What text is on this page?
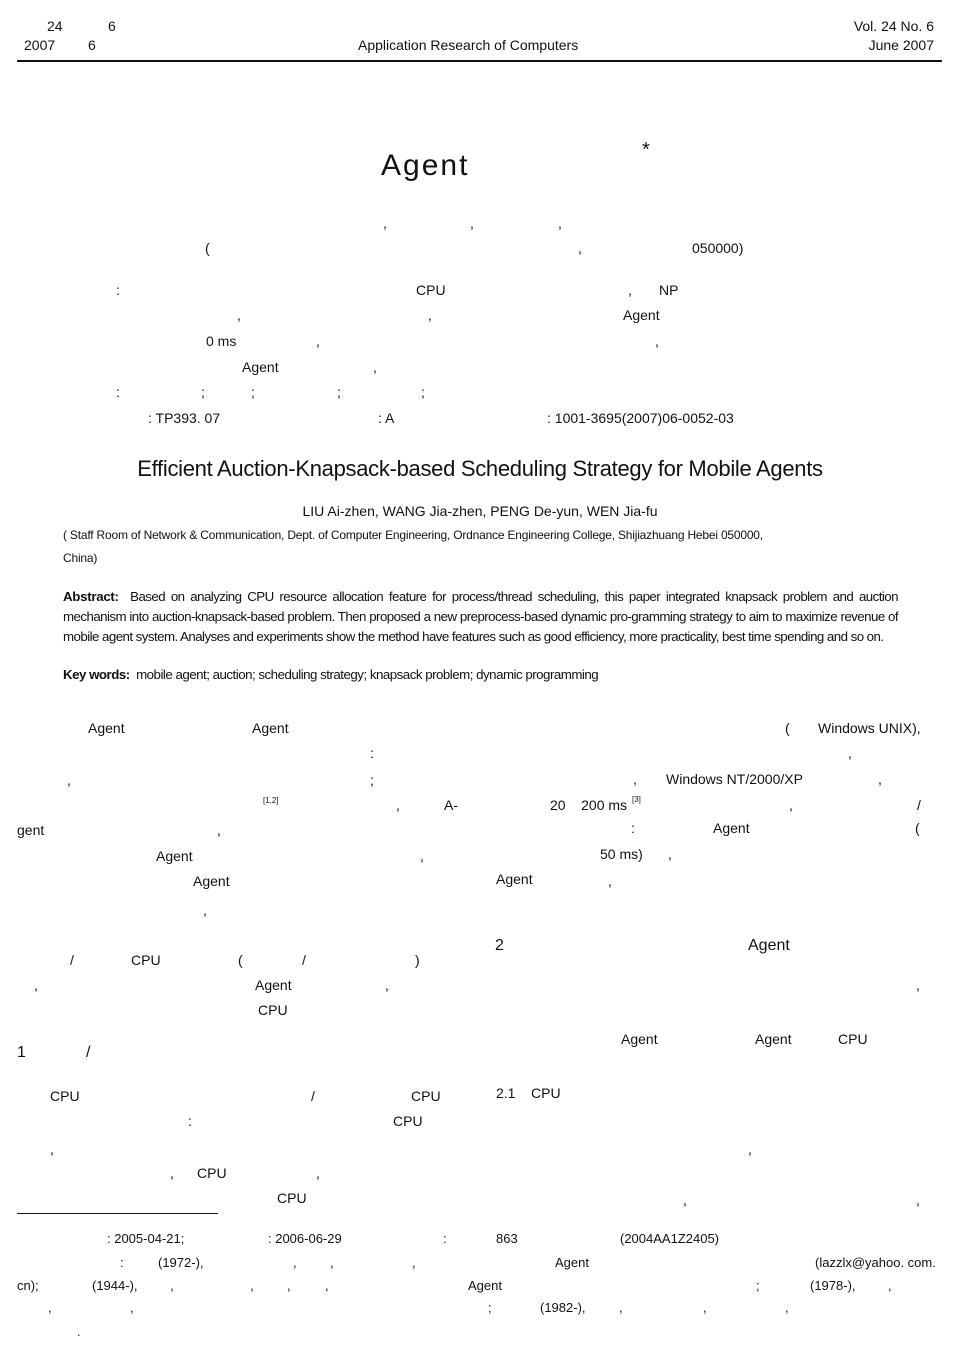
24	6
2007 6	Application Research of Computers
Vol. 24 No. 6
June 2007
Agent	*
,	,	,
(	,	050000)
:	CPU	, NP
,	,	Agent
0 ms	,	,
Agent	,
:	;	;	;	;
: TP393. 07	: A	: 1001-3695(2007)06-0052-03
Efficient Auction-Knapsack-based Scheduling Strategy for Mobile Agents
LIU Ai-zhen, WANG Jia-zhen, PENG De-yun, WEN Jia-fu
( Staff Room of Network & Communication, Dept. of Computer Engineering, Ordnance Engineering College, Shijiazhuang Hebei 050000,
China)
Abstract: Based on analyzing CPU resource allocation feature for process/thread scheduling, this paper integrated knapsack problem and auction mechanism into auction-knapsack-based problem. Then proposed a new preprocess-based dynamic pro-gramming strategy to aim to maximize revenue of mobile agent system. Analyses and experiments show the method have features such as good efficiency, more practicality, best time spending and so on.
Key words: mobile agent; auction; scheduling strategy; knapsack problem; dynamic programming
Agent	Agent	( Windows UNIX),
:	,
,	;	, Windows NT/2000/XP	,
[1,2]	,	A-	20    200 ms [3]	,	/
gent	,	:	Agent	(
Agent	,	50 ms) ,
Agent	Agent	,
,
/	CPU	(	/	)
2	Agent
,	Agent	,	,
CPU
Agent	Agent	CPU
1	/
CPU	/	CPU	2.1    CPU
:	CPU
,	,
, CPU	,
CPU	,	,
: 2005-04-21;	: 2006-06-29	:	863	(2004AA1Z2405)
:	(1972-),	,	,	,	Agent	(lazzlx@yahoo. com.
cn);	(1944-), ,	,	,	,	Agent	;	(1978-), ,
,	,	;	(1982-),	,	,	,
.
